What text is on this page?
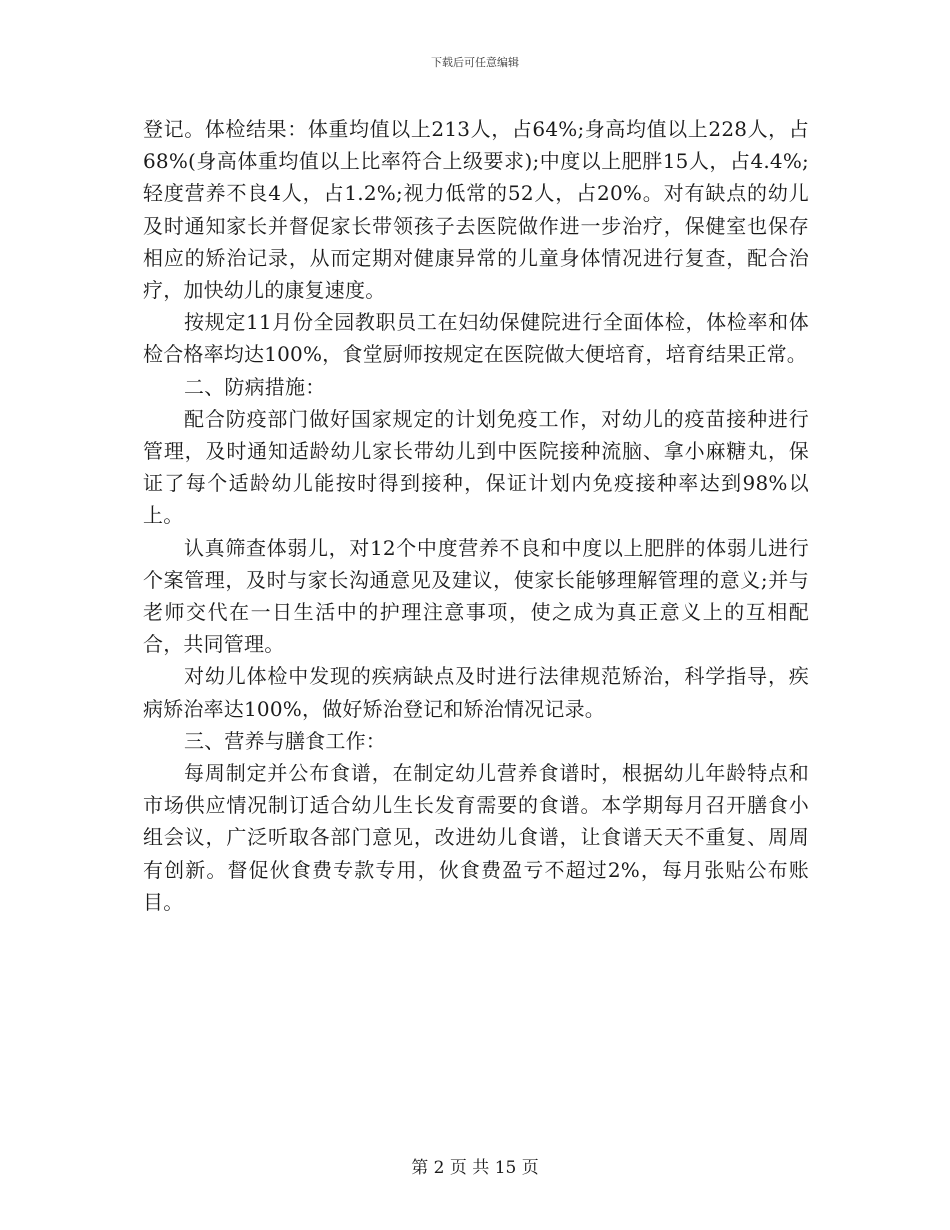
下载后可任意编辑

登记。体检结果：体重均值以上213人，占64%;身高均值以上228人，占68%(身高体重均值以上比率符合上级要求);中度以上肥胖15人，占4.4%;轻度营养不良4人，占1.2%;视力低常的52人，占20%。对有缺点的幼儿及时通知家长并督促家长带领孩子去医院做作进一步治疗，保健室也保存相应的矫治记录，从而定期对健康异常的儿童身体情况进行复查，配合治疗，加快幼儿的康复速度。

按规定11月份全园教职员工在妇幼保健院进行全面体检，体检率和体检合格率均达100%，食堂厨师按规定在医院做大便培育，培育结果正常。

二、防病措施：

配合防疫部门做好国家规定的计划免疫工作，对幼儿的疫苗接种进行管理，及时通知适龄幼儿家长带幼儿到中医院接种流脑、拿小麻糖丸，保证了每个适龄幼儿能按时得到接种，保证计划内免疫接种率达到98%以上。

认真筛查体弱儿，对12个中度营养不良和中度以上肥胖的体弱儿进行个案管理，及时与家长沟通意见及建议，使家长能够理解管理的意义;并与老师交代在一日生活中的护理注意事项，使之成为真正意义上的互相配合，共同管理。

对幼儿体检中发现的疾病缺点及时进行法律规范矫治，科学指导，疾病矫治率达100%，做好矫治登记和矫治情况记录。

三、营养与膳食工作：

每周制定并公布食谱，在制定幼儿营养食谱时，根据幼儿年龄特点和市场供应情况制订适合幼儿生长发育需要的食谱。本学期每月召开膳食小组会议，广泛听取各部门意见，改进幼儿食谱，让食谱天天不重复、周周有创新。督促伙食费专款专用，伙食费盈亏不超过2%，每月张贴公布账目。

第 2 页 共 15 页
